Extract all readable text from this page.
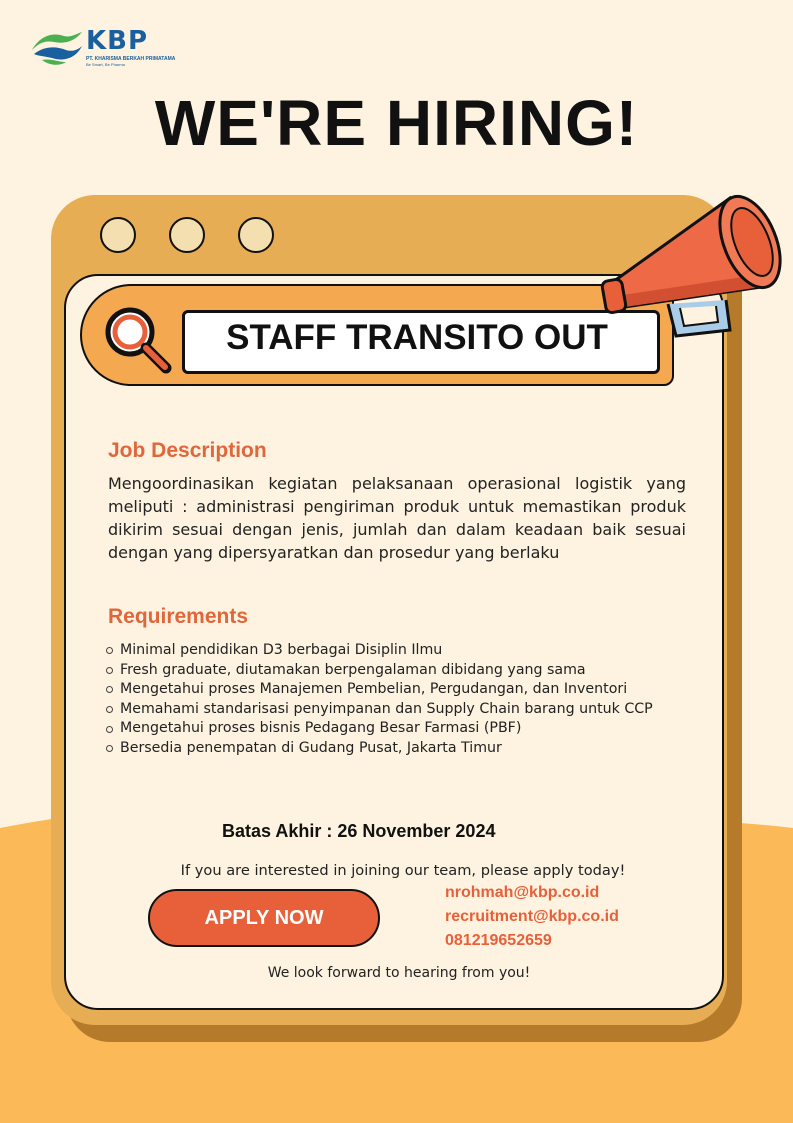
KBP
PT. KHARISMA BERKAH PRIMATAMA
Be Smart, Be Pharma
WE'RE HIRING!
STAFF TRANSITO OUT
Job Description
Mengoordinasikan kegiatan pelaksanaan operasional logistik yang meliputi : administrasi pengiriman produk untuk memastikan produk dikirim sesuai dengan jenis, jumlah dan dalam keadaan baik sesuai dengan yang dipersyaratkan dan prosedur yang berlaku
Requirements
Minimal pendidikan D3 berbagai Disiplin Ilmu
Fresh graduate, diutamakan berpengalaman dibidang yang sama
Mengetahui proses Manajemen Pembelian, Pergudangan, dan Inventori
Memahami standarisasi penyimpanan dan Supply Chain barang untuk CCP
Mengetahui proses bisnis Pedagang Besar Farmasi (PBF)
Bersedia penempatan di Gudang Pusat, Jakarta Timur
Batas Akhir : 26 November 2024
If you are interested in joining our team, please apply today!
APPLY NOW
nrohmah@kbp.co.id
recruitment@kbp.co.id
081219652659
We look forward to hearing from you!
